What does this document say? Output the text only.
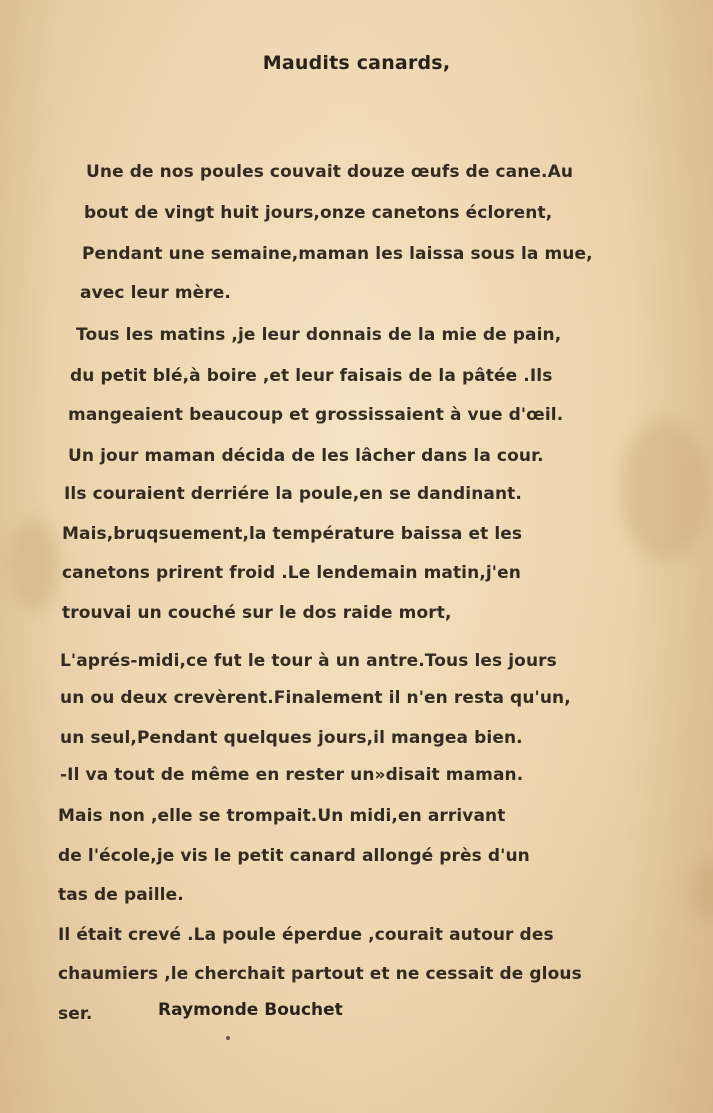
Maudits canards,
Une de nos poules couvait douze œufs de cane.Au
bout de vingt huit jours,onze canetons éclorent,
Pendant une semaine,maman les laissa sous la mue,
avec leur mère.
Tous les matins ,je leur donnais de la mie de pain,
du petit blé,à boire ,et leur faisais de la pâtée .Ils
mangeaient beaucoup et grossissaient à vue d'œil.
Un jour maman décida de les lâcher dans la cour.
Ils couraient derriére la poule,en se dandinant.
Mais,bruqsuement,la température baissa et les
canetons prirent froid .Le lendemain matin,j'en
trouvai un couché sur le dos raide mort,
L'aprés-midi,ce fut le tour à un antre.Tous les jours
un ou deux crevèrent.Finalement il n'en resta qu'un,
un seul,Pendant quelques jours,il mangea bien.
-Il va tout de même en rester un»disait maman.
Mais non ,elle se trompait.Un midi,en arrivant
de l'école,je vis le petit canard allongé près d'un
tas de paille.
Il était crevé .La poule éperdue ,courait autour des
chaumiers ,le cherchait partout et ne cessait de glous
ser.	Raymonde Bouchet
